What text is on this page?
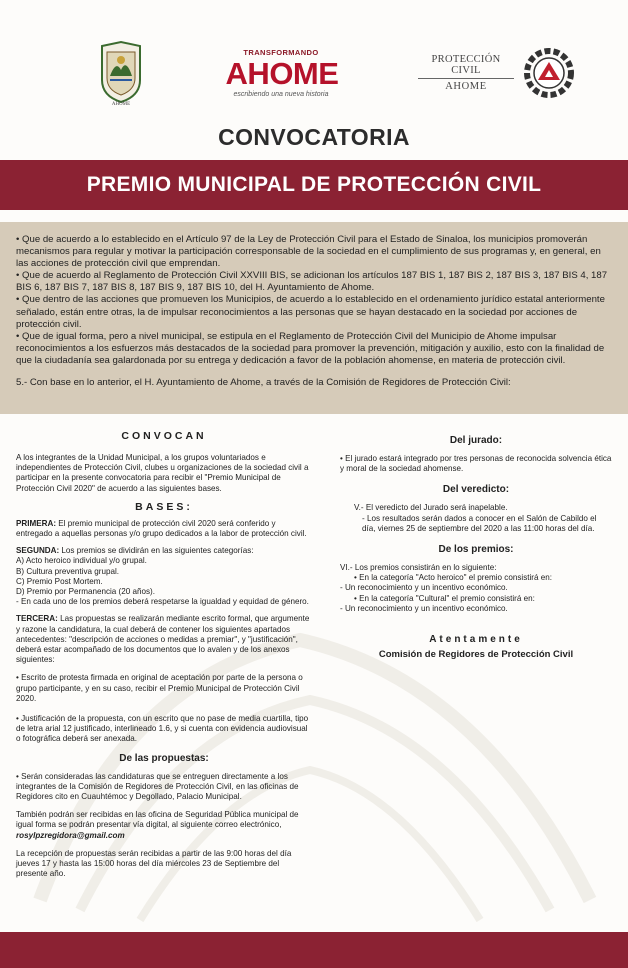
AHOME
TRANSFORMANDO
AHOME
escribiendo una nueva historia
PROTECCIÓN CIVIL
AHOME
CONVOCATORIA
PREMIO MUNICIPAL DE PROTECCIÓN CIVIL

• Que de acuerdo a lo establecido en el Artículo 97 de la Ley de Protección Civil para el Estado de Sinaloa, los municipios promoverán mecanismos para regular y motivar la participación corresponsable de la sociedad en el cumplimiento de sus programas y, en general, en las acciones de protección civil que emprendan.

• Que de acuerdo al Reglamento de Protección Civil XXVIII BIS, se adicionan los artículos 187 BIS 1, 187 BIS 2, 187 BIS 3, 187 BIS 4, 187 BIS 6, 187 BIS 7, 187 BIS 8, 187 BIS 9, 187 BIS 10, del H. Ayuntamiento de Ahome.

• Que dentro de las acciones que promueven los Municipios, de acuerdo a lo establecido en el ordenamiento jurídico estatal anteriormente señalado, están entre otras, la de impulsar reconocimientos a las personas que se hayan destacado en la sociedad por acciones de protección civil.

• Que de igual forma, pero a nivel municipal, se estipula en el Reglamento de Protección Civil del Municipio de Ahome impulsar reconocimientos a los esfuerzos más destacados de la sociedad para promover la prevención, mitigación y auxilio, esto con la finalidad de que la ciudadanía sea galardonada por su entrega y dedicación a favor de la población ahomense, en materia de protección civil.

5.- Con base en lo anterior, el H. Ayuntamiento de Ahome, a través de la Comisión de Regidores de Protección Civil:

CONVOCAN

A los integrantes de la Unidad Municipal, a los grupos voluntariados e independientes de Protección Civil, clubes u organizaciones de la sociedad civil a participar en la presente convocatoria para recibir el "Premio Municipal de Protección Civil 2020" de acuerdo a las siguientes bases.

BASES:

PRIMERA: El premio municipal de protección civil 2020 será conferido y entregado a aquellas personas y/o grupo dedicados a la labor de protección civil.

SEGUNDA: Los premios se dividirán en las siguientes categorías:

A) Acto heroico individual y/o grupal.

B) Cultura preventiva grupal.

C) Premio Post Mortem.

D) Premio por Permanencia (20 años).

- En cada uno de los premios deberá respetarse la igualdad y equidad de género.

TERCERA: Las propuestas se realizarán mediante escrito formal, que argumente y razone la candidatura, la cual deberá de contener los siguientes apartados antecedentes: "descripción de acciones o medidas a premiar", y "justificación", deberá estar acompañado de los documentos que lo avalen y de los anexos siguientes:

• Escrito de protesta firmada en original de aceptación por parte de la persona o grupo participante, y en su caso, recibir el Premio Municipal de Protección Civil 2020.

• Justificación de la propuesta, con un escrito que no pase de media cuartilla, tipo de letra arial 12 justificado, interlineado 1.6, y si cuenta con evidencia audiovisual o fotográfica deberá ser anexada.

De las propuestas:

• Serán consideradas las candidaturas que se entreguen directamente a los integrantes de la Comisión de Regidores de Protección Civil, en las oficinas de Regidores cito en Cuauhtémoc y Degollado, Palacio Municipal.

También podrán ser recibidas en las oficina de Seguridad Pública municipal de igual forma se podrán presentar vía digital, al siguiente correo electrónico, rosylpzregidora@gmail.com

La recepción de propuestas serán recibidas a partir de las 9:00 horas del día jueves 17 y hasta las 15:00 horas del día miércoles 23 de Septiembre del presente año.

Del jurado:

• El jurado estará integrado por tres personas de reconocida solvencia ética y moral de la sociedad ahomense.

Del veredicto:

V.- El veredicto del Jurado será inapelable.

- Los resultados serán dados a conocer en el Salón de Cabildo el día, viernes 25 de septiembre del 2020 a las 11:00 horas del día.

De los premios:

VI.- Los premios consistirán en lo siguiente:

• En la categoría "Acto heroico" el premio consistirá en:

- Un reconocimiento y un incentivo económico.

• En la categoría "Cultural" el premio consistirá en:

- Un reconocimiento y un incentivo económico.

Atentamente
Comisión de Regidores de Protección Civil
